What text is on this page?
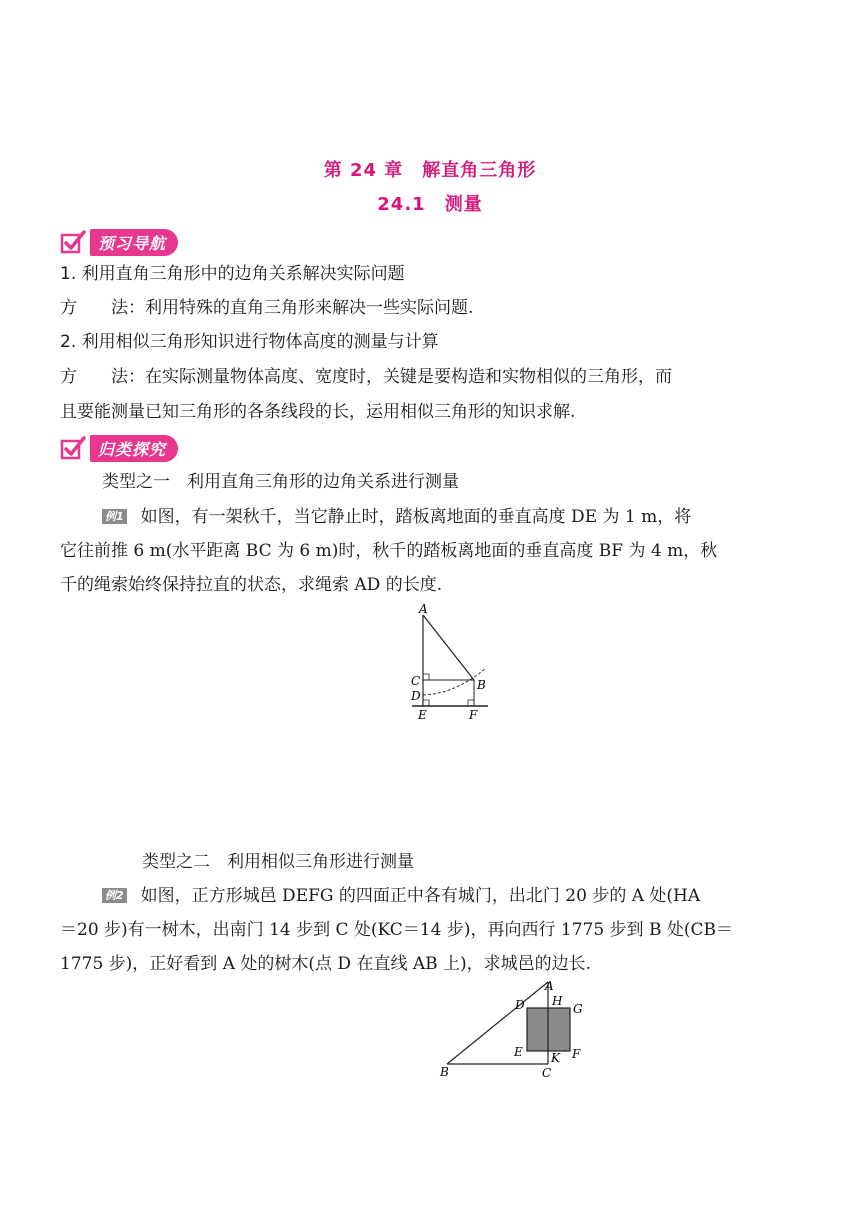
第 24 章　解直角三角形
24.1　测量
预习导航
1. 利用直角三角形中的边角关系解决实际问题
方　　法：利用特殊的直角三角形来解决一些实际问题.
2. 利用相似三角形知识进行物体高度的测量与计算
方　　法：在实际测量物体高度、宽度时，关键是要构造和实物相似的三角形，而
且要能测量已知三角形的各条线段的长，运用相似三角形的知识求解.
归类探究
类型之一　利用直角三角形的边角关系进行测量
例1 如图，有一架秋千，当它静止时，踏板离地面的垂直高度 DE 为 1 m，将
它往前推 6 m(水平距离 BC 为 6 m)时，秋千的踏板离地面的垂直高度 BF 为 4 m，秋
千的绳索始终保持拉直的状态，求绳索 AD 的长度.
A
B
C
D
E	F
类型之二　利用相似三角形进行测量
例2 如图，正方形城邑 DEFG 的四面正中各有城门，出北门 20 步的 A 处(HA
＝20 步)有一树木，出南门 14 步到 C 处(KC＝14 步)，再向西行 1775 步到 B 处(CB＝
1775 步)，正好看到 A 处的树木(点 D 在直线 AB 上)，求城邑的边长.
A
B	C
D
E	F
G
H
K
